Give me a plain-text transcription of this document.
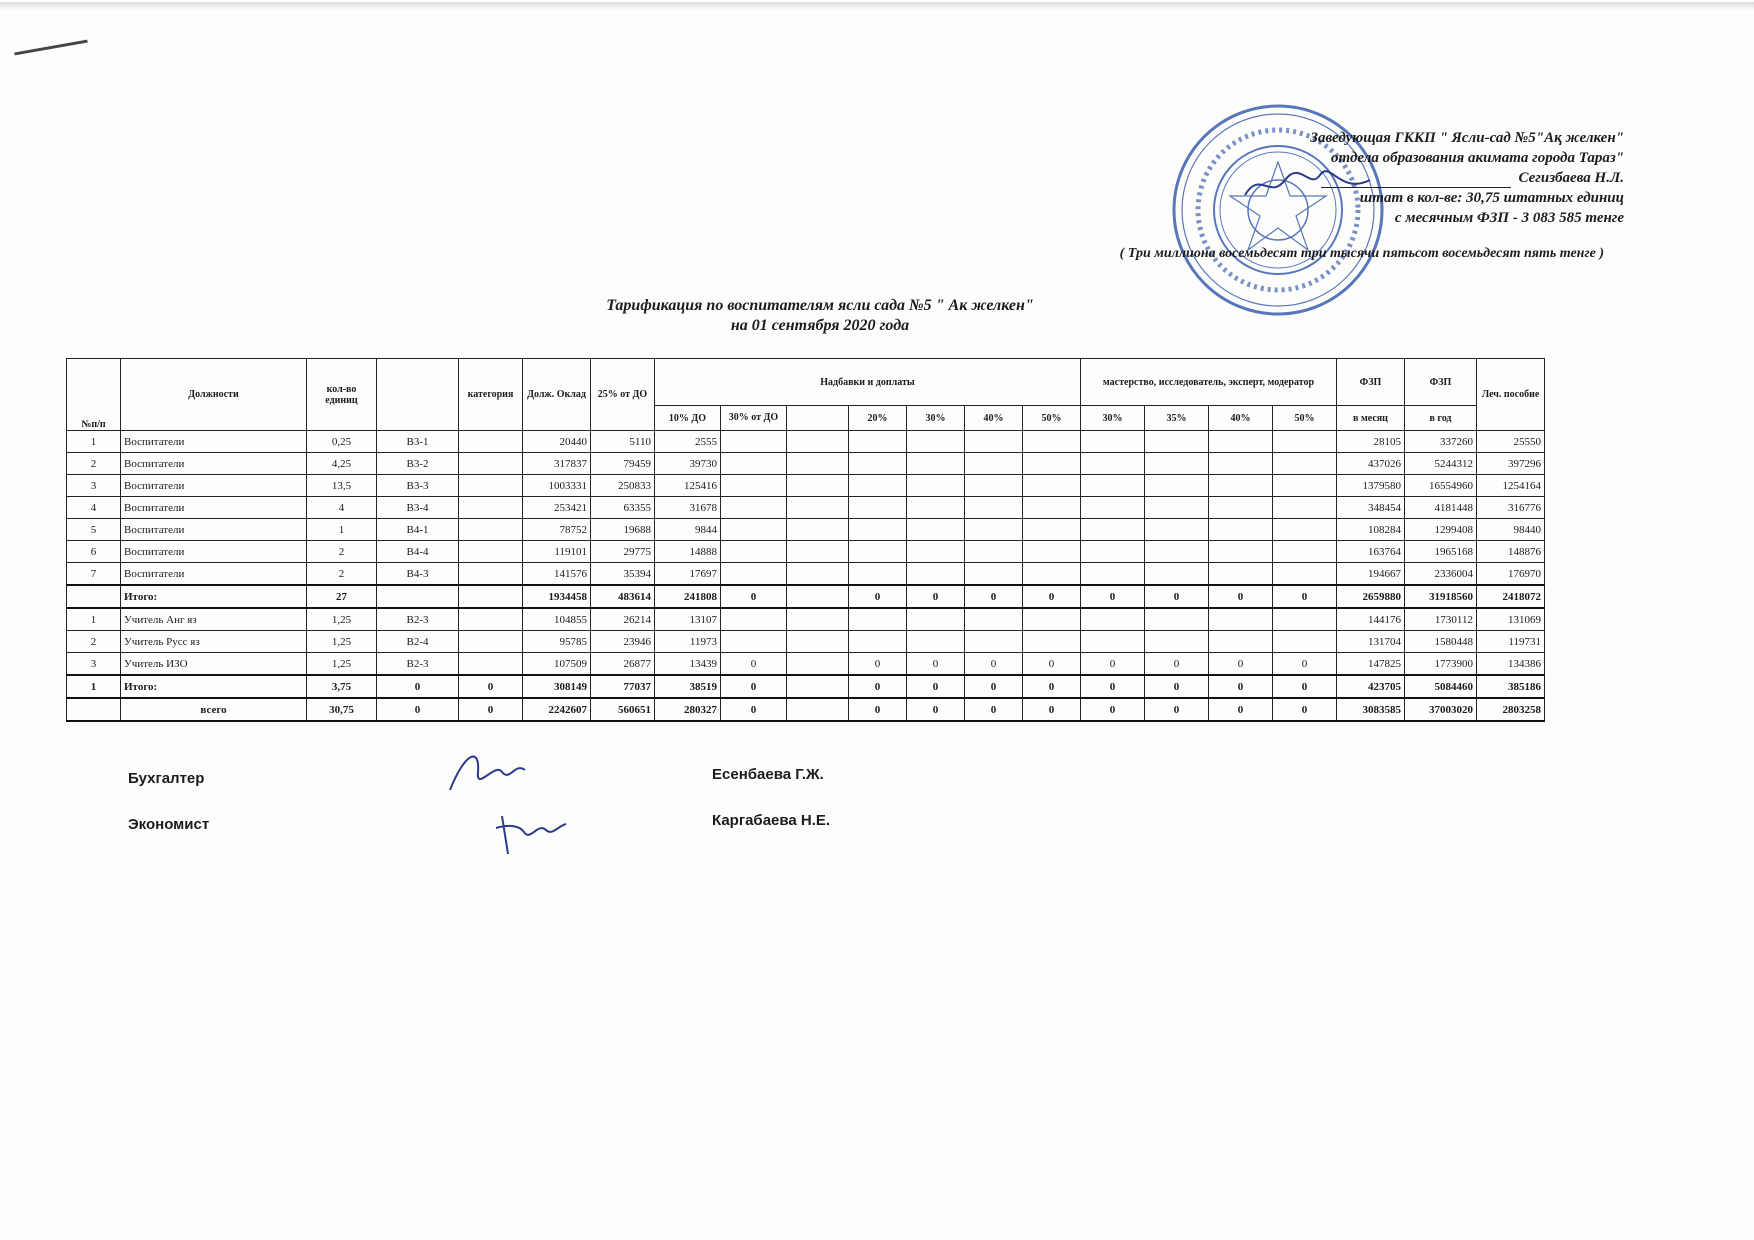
Заведующая ГККП " Ясли-сад №5"Ақ желкен"
отдела образования акимата города Тараз"
Сегизбаева Н.Л.
штат в кол-ве: 30,75 штатных единиц
с месячным ФЗП - 3 083 585 тенге
( Три миллиона восемьдесят три тысячи пятьсот восемьдесят пять тенге )
Тарификация по воспитателям ясли сада №5 " Ак желкен"
на 01 сентября 2020 года
№п/п	Должности	кол-во единиц		категория	Долж. Оклад	25% от ДО	Надбавки и доплаты							мастерство, исследователь, эксперт, модератор				ФЗП	ФЗП	Леч. пособие
							10% ДО	30% от ДО		20%	30%	40%	50%	30%	35%	40%	50%	в месяц	в год	
1	Воспитатели	0,25	В3-1		20440	5110	2555											28105	337260	25550
2	Воспитатели	4,25	В3-2		317837	79459	39730											437026	5244312	397296
3	Воспитатели	13,5	В3-3		1003331	250833	125416											1379580	16554960	1254164
4	Воспитатели	4	В3-4		253421	63355	31678											348454	4181448	316776
5	Воспитатели	1	В4-1		78752	19688	9844											108284	1299408	98440
6	Воспитатели	2	В4-4		119101	29775	14888											163764	1965168	148876
7	Воспитатели	2	В4-3		141576	35394	17697											194667	2336004	176970
	Итого:	27			1934458	483614	241808	0		0	0	0	0	0	0	0	0	2659880	31918560	2418072
1	Учитель Анг яз	1,25	В2-3		104855	26214	13107											144176	1730112	131069
2	Учитель Русс яз	1,25	В2-4		95785	23946	11973											131704	1580448	119731
3	Учитель ИЗО	1,25	В2-3		107509	26877	13439	0		0	0	0	0	0	0	0	0	147825	1773900	134386
1	Итого:	3,75	0	0	308149	77037	38519	0		0	0	0	0	0	0	0	0	423705	5084460	385186
	всего	30,75	0	0	2242607	560651	280327	0		0	0	0	0	0	0	0	0	3083585	37003020	2803258
Бухгалтер	Есенбаева Г.Ж.
Экономист	Каргабаева Н.Е.
